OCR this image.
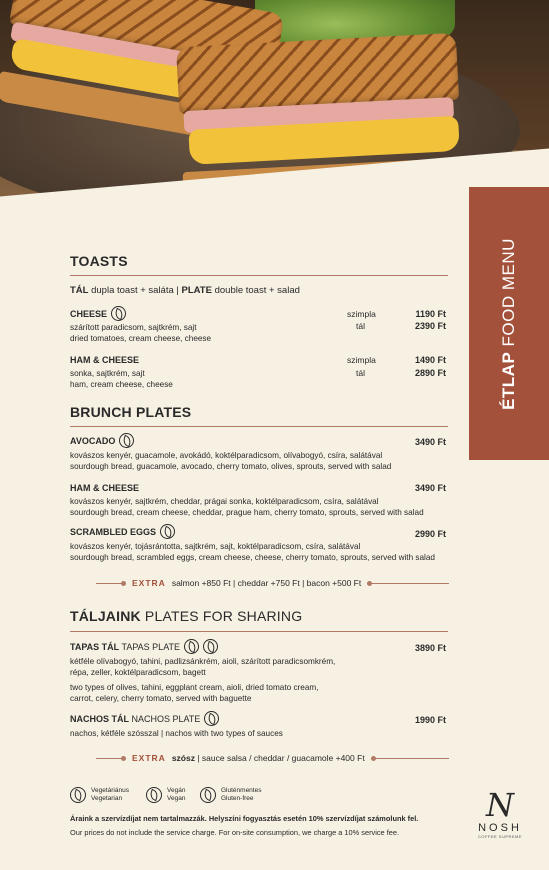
ÉTLAP FOOD MENU
TOASTS
TÁL dupla toast + saláta | PLATE double toast + salad
CHEESE
szárított paradicsom, sajtkrém, sajt
dried tomatoes, cream cheese, cheese
szimpla	1190 Ft
tál	2390 Ft
HAM & CHEESE
sonka, sajtkrém, sajt
ham, cream cheese, cheese
szimpla	1490 Ft
tál	2890 Ft
BRUNCH PLATES
AVOCADO	3490 Ft
kovászos kenyér, guacamole, avokádó, koktélparadicsom, olívabogyó, csíra, salátával
sourdough bread, guacamole, avocado, cherry tomato, olives, sprouts, served with salad
HAM & CHEESE	3490 Ft
kovászos kenyér, sajtkrém, cheddar, prágai sonka, koktélparadicsom, csíra, salátával
sourdough bread, cream cheese, cheddar, prague ham, cherry tomato, sprouts, served with salad
SCRAMBLED EGGS	2990 Ft
kovászos kenyér, tojásrántotta, sajtkrém, sajt, koktélparadicsom, csíra, salátával
sourdough bread, scrambled eggs, cream cheese, cheese, cherry tomato, sprouts, served with salad
EXTRA salmon +850 Ft | cheddar +750 Ft | bacon +500 Ft
TÁLJAINK PLATES FOR SHARING
TAPAS TÁL TAPAS PLATE	3890 Ft
kétféle olívabogyó, tahini, padlizsánkrém, aioli, szárított paradicsomkrém,
répa, zeller, koktélparadicsom, bagett
two types of olives, tahini, eggplant cream, aioli, dried tomato cream,
carrot, celery, cherry tomato, served with baguette
NACHOS TÁL NACHOS PLATE	1990 Ft
nachos, kétféle szósszal | nachos with two types of sauces
EXTRA szósz | sauce salsa / cheddar / guacamole +400 Ft
Vegetáriánus
Vegetarian
Vegán
Vegan
Gluténmentes
Gluten-free
Áraink a szervízdíjat nem tartalmazzák. Helyszíni fogyasztás esetén 10% szervízdíjat számolunk fel.
Our prices do not include the service charge. For on-site consumption, we charge a 10% service fee.
N
NOSH
COFFEE SUPREME
